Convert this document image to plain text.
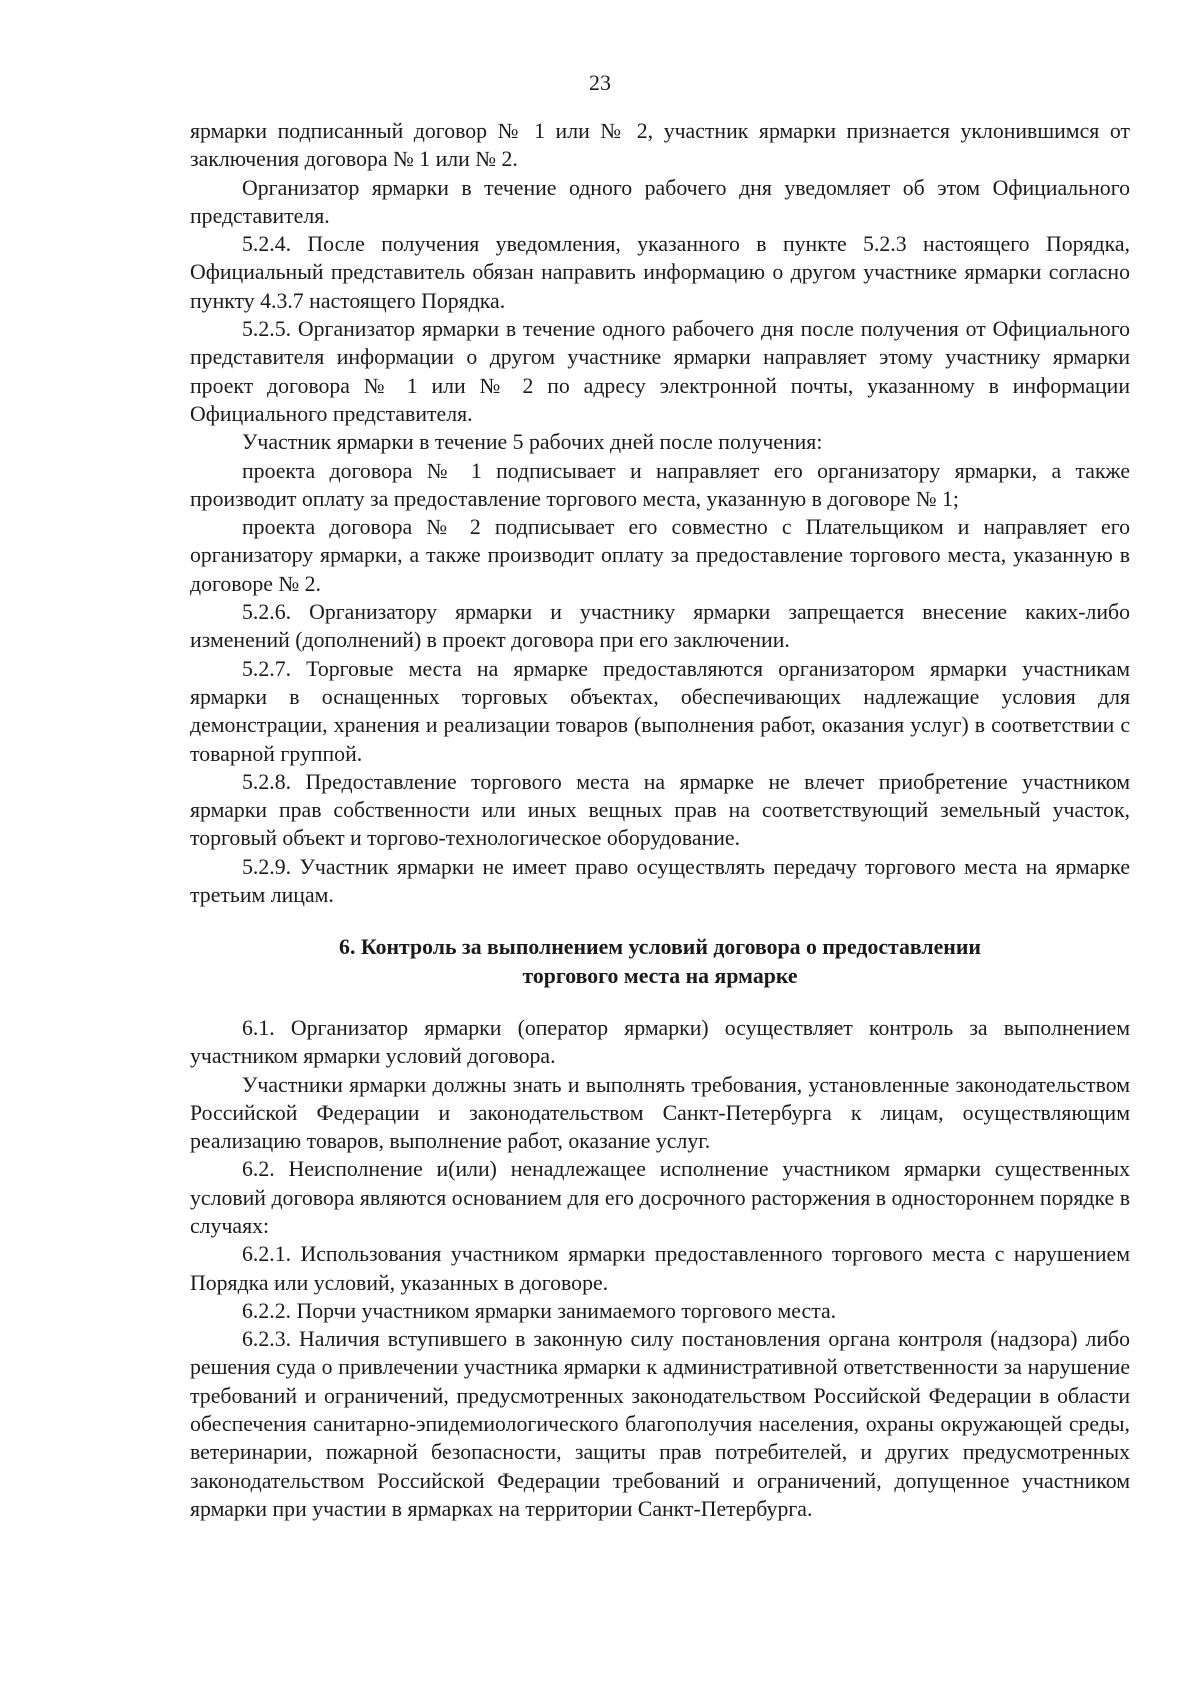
23

ярмарки подписанный договор № 1 или № 2, участник ярмарки признается уклонившимся от заключения договора № 1 или № 2.

Организатор ярмарки в течение одного рабочего дня уведомляет об этом Официального представителя.

5.2.4. После получения уведомления, указанного в пункте 5.2.3 настоящего Порядка, Официальный представитель обязан направить информацию о другом участнике ярмарки согласно пункту 4.3.7 настоящего Порядка.

5.2.5. Организатор ярмарки в течение одного рабочего дня после получения от Официального представителя информации о другом участнике ярмарки направляет этому участнику ярмарки проект договора № 1 или № 2 по адресу электронной почты, указанному в информации Официального представителя.

Участник ярмарки в течение 5 рабочих дней после получения:

проекта договора № 1 подписывает и направляет его организатору ярмарки, а также производит оплату за предоставление торгового места, указанную в договоре № 1;

проекта договора № 2 подписывает его совместно с Плательщиком и направляет его организатору ярмарки, а также производит оплату за предоставление торгового места, указанную в договоре № 2.

5.2.6. Организатору ярмарки и участнику ярмарки запрещается внесение каких-либо изменений (дополнений) в проект договора при его заключении.

5.2.7. Торговые места на ярмарке предоставляются организатором ярмарки участникам ярмарки в оснащенных торговых объектах, обеспечивающих надлежащие условия для демонстрации, хранения и реализации товаров (выполнения работ, оказания услуг) в соответствии с товарной группой.

5.2.8. Предоставление торгового места на ярмарке не влечет приобретение участником ярмарки прав собственности или иных вещных прав на соответствующий земельный участок, торговый объект и торгово-технологическое оборудование.

5.2.9. Участник ярмарки не имеет право осуществлять передачу торгового места на ярмарке третьим лицам.

6. Контроль за выполнением условий договора о предоставлении
торгового места на ярмарке

6.1. Организатор ярмарки (оператор ярмарки) осуществляет контроль за выполнением участником ярмарки условий договора.

Участники ярмарки должны знать и выполнять требования, установленные законодательством Российской Федерации и законодательством Санкт-Петербурга к лицам, осуществляющим реализацию товаров, выполнение работ, оказание услуг.

6.2. Неисполнение и(или) ненадлежащее исполнение участником ярмарки существенных условий договора являются основанием для его досрочного расторжения в одностороннем порядке в случаях:

6.2.1. Использования участником ярмарки предоставленного торгового места с нарушением Порядка или условий, указанных в договоре.

6.2.2. Порчи участником ярмарки занимаемого торгового места.

6.2.3. Наличия вступившего в законную силу постановления органа контроля (надзора) либо решения суда о привлечении участника ярмарки к административной ответственности за нарушение требований и ограничений, предусмотренных законодательством Российской Федерации в области обеспечения санитарно-эпидемиологического благополучия населения, охраны окружающей среды, ветеринарии, пожарной безопасности, защиты прав потребителей, и других предусмотренных законодательством Российской Федерации требований и ограничений, допущенное участником ярмарки при участии в ярмарках на территории Санкт-Петербурга.
